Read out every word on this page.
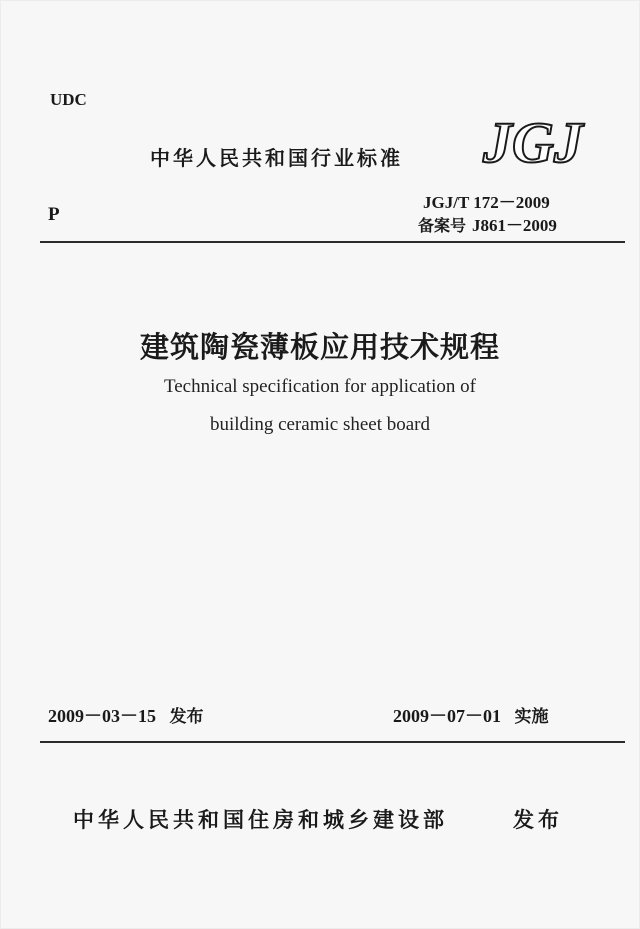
UDC
P
中华人民共和国行业标准 JGJ
JGJ/T 172－2009
备案号 J861－2009
建筑陶瓷薄板应用技术规程
Technical specification for application of
building ceramic sheet board
2009－03－15 发布	2009－07－01 实施
中华人民共和国住房和城乡建设部	发布
